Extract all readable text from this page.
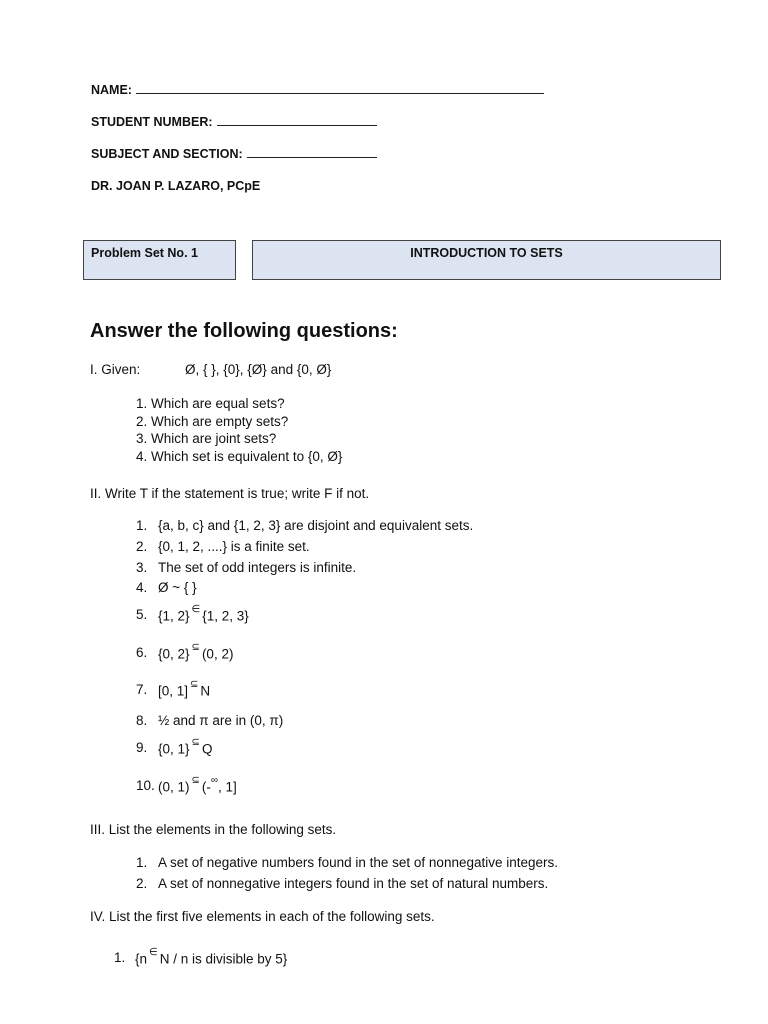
NAME:
STUDENT NUMBER:
SUBJECT AND SECTION:
DR. JOAN P. LAZARO, PCpE
Problem Set No. 1	INTRODUCTION TO SETS
Answer the following questions:
I. Given:	Ø, { }, {0}, {Ø} and {0, Ø}
1. Which are equal sets?
2. Which are empty sets?
3. Which are joint sets?
4. Which set is equivalent to {0, Ø}
II. Write T if the statement is true; write F if not.
1. {a, b, c} and {1, 2, 3} are disjoint and equivalent sets.
2. {0, 1, 2, ....} is a finite set.
3. The set of odd integers is infinite.
4. Ø ~ { }
5. {1, 2} ∈ {1, 2, 3}
6. {0, 2} ⊆ (0, 2)
7. [0, 1] ⊆ N
8. ½ and π are in (0, π)
9. {0, 1} ⊆ Q
10. (0, 1) ⊆ (-∞, 1]
III. List the elements in the following sets.
1. A set of negative numbers found in the set of nonnegative integers.
2. A set of nonnegative integers found in the set of natural numbers.
IV. List the first five elements in each of the following sets.
1. {n ∈ N / n is divisible by 5}
